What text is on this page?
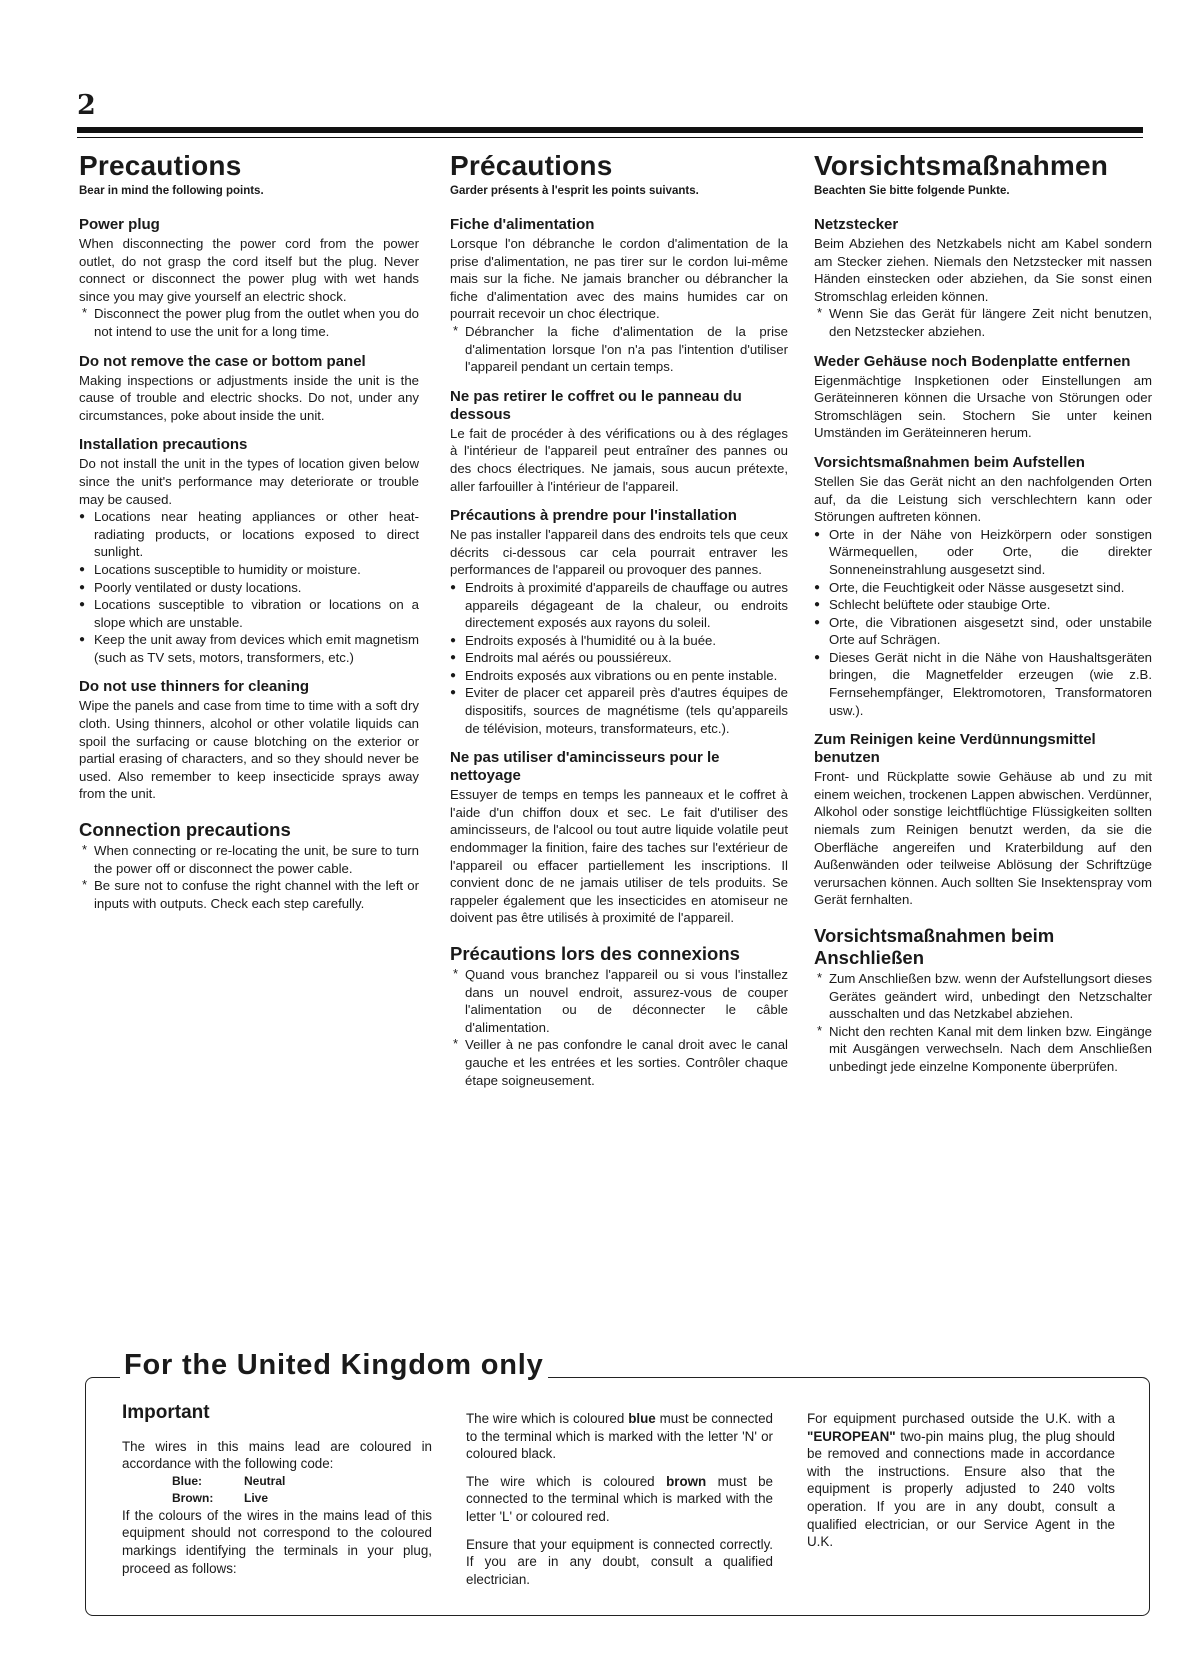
2
Precautions
Bear in mind the following points.
Power plug

When disconnecting the power cord from the power outlet, do not grasp the cord itself but the plug. Never connect or disconnect the power plug with wet hands since you may give yourself an electric shock.

* Disconnect the power plug from the outlet when you do not intend to use the unit for a long time.
Do not remove the case or bottom panel

Making inspections or adjustments inside the unit is the cause of trouble and electric shocks. Do not, under any circumstances, poke about inside the unit.

Installation precautions

Do not install the unit in the types of location given below since the unit's performance may deteriorate or trouble may be caused.

● Locations near heating appliances or other heat-radiating products, or locations exposed to direct sunlight.
● Locations susceptible to humidity or moisture.
● Poorly ventilated or dusty locations.
● Locations susceptible to vibration or locations on a slope which are unstable.
● Keep the unit away from devices which emit magnetism (such as TV sets, motors, transformers, etc.)
Do not use thinners for cleaning

Wipe the panels and case from time to time with a soft dry cloth. Using thinners, alcohol or other volatile liquids can spoil the surfacing or cause blotching on the exterior or partial erasing of characters, and so they should never be used. Also remember to keep insecticide sprays away from the unit.

Connection precautions
* When connecting or re-locating the unit, be sure to turn the power off or disconnect the power cable.
* Be sure not to confuse the right channel with the left or inputs with outputs. Check each step carefully.
Précautions
Garder présents à l'esprit les points suivants.
Fiche d'alimentation

Lorsque l'on débranche le cordon d'alimentation de la prise d'alimentation, ne pas tirer sur le cordon lui-même mais sur la fiche. Ne jamais brancher ou débrancher la fiche d'alimentation avec des mains humides car on pourrait recevoir un choc électrique.

* Débrancher la fiche d'alimentation de la prise d'alimentation lorsque l'on n'a pas l'intention d'utiliser l'appareil pendant un certain temps.
Ne pas retirer le coffret ou le panneau du dessous

Le fait de procéder à des vérifications ou à des réglages à l'intérieur de l'appareil peut entraîner des pannes ou des chocs électriques. Ne jamais, sous aucun prétexte, aller farfouiller à l'intérieur de l'appareil.

Précautions à prendre pour l'installation

Ne pas installer l'appareil dans des endroits tels que ceux décrits ci-dessous car cela pourrait entraver les performances de l'appareil ou provoquer des pannes.

● Endroits à proximité d'appareils de chauffage ou autres appareils dégageant de la chaleur, ou endroits directement exposés aux rayons du soleil.
● Endroits exposés à l'humidité ou à la buée.
● Endroits mal aérés ou poussiéreux.
● Endroits exposés aux vibrations ou en pente instable.
● Eviter de placer cet appareil près d'autres équipes de dispositifs, sources de magnétisme (tels qu'appareils de télévision, moteurs, transformateurs, etc.).
Ne pas utiliser d'amincisseurs pour le nettoyage

Essuyer de temps en temps les panneaux et le coffret à l'aide d'un chiffon doux et sec. Le fait d'utiliser des amincisseurs, de l'alcool ou tout autre liquide volatile peut endommager la finition, faire des taches sur l'extérieur de l'appareil ou effacer partiellement les inscriptions. Il convient donc de ne jamais utiliser de tels produits. Se rappeler également que les insecticides en atomiseur ne doivent pas être utilisés à proximité de l'appareil.

Précautions lors des connexions
* Quand vous branchez l'appareil ou si vous l'installez dans un nouvel endroit, assurez-vous de couper l'alimentation ou de déconnecter le câble d'alimentation.
* Veiller à ne pas confondre le canal droit avec le canal gauche et les entrées et les sorties. Contrôler chaque étape soigneusement.
Vorsichtsmaßnahmen
Beachten Sie bitte folgende Punkte.
Netzstecker

Beim Abziehen des Netzkabels nicht am Kabel sondern am Stecker ziehen. Niemals den Netzstecker mit nassen Händen einstecken oder abziehen, da Sie sonst einen Stromschlag erleiden können.

* Wenn Sie das Gerät für längere Zeit nicht benutzen, den Netzstecker abziehen.
Weder Gehäuse noch Bodenplatte entfernen

Eigenmächtige Inspketionen oder Einstellungen am Geräteinneren können die Ursache von Störungen oder Stromschlägen sein. Stochern Sie unter keinen Umständen im Geräteinneren herum.

Vorsichtsmaßnahmen beim Aufstellen

Stellen Sie das Gerät nicht an den nachfolgenden Orten auf, da die Leistung sich verschlechtern kann oder Störungen auftreten können.

● Orte in der Nähe von Heizkörpern oder sonstigen Wärmequellen, oder Orte, die direkter Sonneneinstrahlung ausgesetzt sind.
● Orte, die Feuchtigkeit oder Nässe ausgesetzt sind.
● Schlecht belüftete oder staubige Orte.
● Orte, die Vibrationen aisgesetzt sind, oder unstabile Orte auf Schrägen.
● Dieses Gerät nicht in die Nähe von Haushaltsgeräten bringen, die Magnetfelder erzeugen (wie z.B. Fernsehempfänger, Elektromotoren, Transformatoren usw.).
Zum Reinigen keine Verdünnungsmittel benutzen

Front- und Rückplatte sowie Gehäuse ab und zu mit einem weichen, trockenen Lappen abwischen. Verdünner, Alkohol oder sonstige leichtflüchtige Flüssigkeiten sollten niemals zum Reinigen benutzt werden, da sie die Oberfläche angereifen und Kraterbildung auf den Außenwänden oder teilweise Ablösung der Schriftzüge verursachen können. Auch sollten Sie Insektenspray vom Gerät fernhalten.

Vorsichtsmaßnahmen beim Anschließen
* Zum Anschließen bzw. wenn der Aufstellungsort dieses Gerätes geändert wird, unbedingt den Netzschalter ausschalten und das Netzkabel abziehen.
* Nicht den rechten Kanal mit dem linken bzw. Eingänge mit Ausgängen verwechseln. Nach dem Anschließen unbedingt jede einzelne Komponente überprüfen.
For the United Kingdom only
Important

The wires in this mains lead are coloured in accordance with the following code:

Blue:	Neutral
Brown:	Live

If the colours of the wires in the mains lead of this equipment should not correspond to the coloured markings identifying the terminals in your plug, proceed as follows:

The wire which is coloured blue must be connected to the terminal which is marked with the letter 'N' or coloured black.

The wire which is coloured brown must be connected to the terminal which is marked with the letter 'L' or coloured red.

Ensure that your equipment is connected correctly. If you are in any doubt, consult a qualified electrician.

For equipment purchased outside the U.K. with a "EUROPEAN" two-pin mains plug, the plug should be removed and connections made in accordance with the instructions. Ensure also that the equipment is properly adjusted to 240 volts operation. If you are in any doubt, consult a qualified electrician, or our Service Agent in the U.K.
